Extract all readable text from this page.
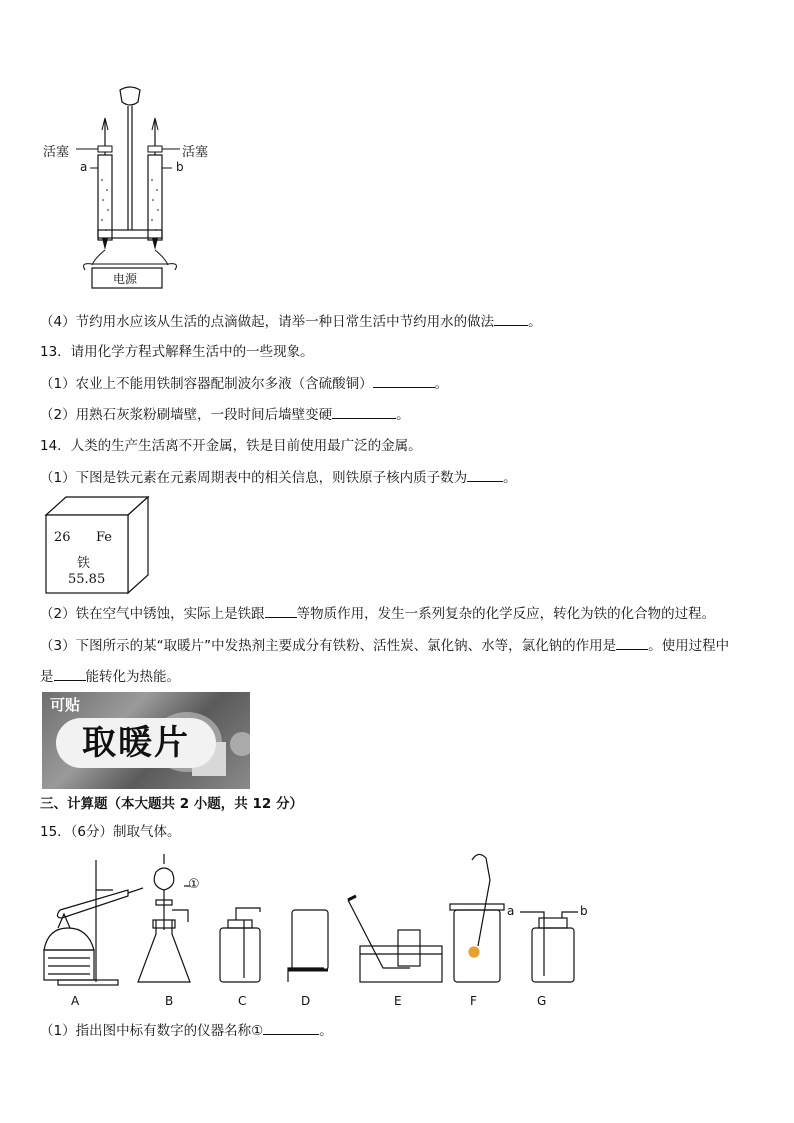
活塞	活塞
a	b
电源
（4）节约用水应该从生活的点滴做起，请举一种日常生活中节约用水的做法	。
13．请用化学方程式解释生活中的一些现象。
（1）农业上不能用铁制容器配制波尔多液（含硫酸铜）	。
（2）用熟石灰浆粉刷墙壁，一段时间后墙壁变硬	。
14．人类的生产生活离不开金属，铁是目前使用最广泛的金属。
（1）下图是铁元素在元素周期表中的相关信息，则铁原子核内质子数为	。
26 Fe
铁
55.85
（2）铁在空气中锈蚀，实际上是铁跟 等物质作用，发生一系列复杂的化学反应，转化为铁的化合物的过程。
（3）下图所示的某“取暖片”中发热剂主要成分有铁粉、活性炭、氯化钠、水等，氯化钠的作用是 。使用过程中
是 能转化为热能。
可贴
取暖片
三、计算题（本大题共 2 小题，共 12 分）
15．（6分）制取气体。
①
a	b
A	B	C	D	E	F	G
（1）指出图中标有数字的仪器名称①	。
